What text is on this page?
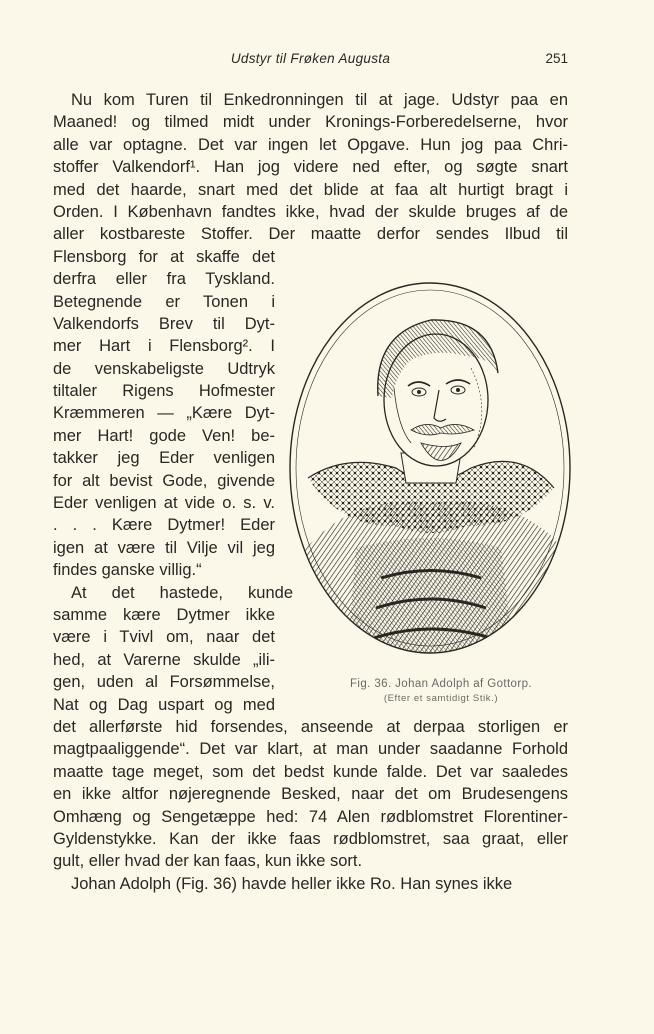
Udstyr til Frøken Augusta	251
Nu kom Turen til Enkedronningen til at jage. Udstyr paa en
Maaned! og tilmed midt under Kronings-Forberedelserne, hvor
alle var optagne. Det var ingen let Opgave. Hun jog paa Chri-
stoffer Valkendorf¹. Han jog videre ned efter, og søgte snart
med det haarde, snart med det blide at faa alt hurtigt bragt i
Orden. I København fandtes ikke, hvad der skulde bruges af de
aller kostbareste Stoffer. Der maatte derfor sendes Ilbud til
Flensborg for at skaffe det
derfra eller fra Tyskland.
Betegnende er Tonen i
Valkendorfs Brev til Dyt-
mer Hart i Flensborg². I
de venskabeligste Udtryk
tiltaler Rigens Hofmester
Kræmmeren — „Kære Dyt-
mer Hart! gode Ven! be-
takker jeg Eder venligen
for alt bevist Gode, givende
Eder venligen at vide o. s. v.
. . . Kære Dytmer! Eder
igen at være til Vilje vil jeg
findes ganske villig.“
At det hastede, kunde
samme kære Dytmer ikke
være i Tvivl om, naar det
hed, at Varerne skulde „ili-
gen, uden al Forsømmelse,
Nat og Dag uspart og med
det allerførste hid forsendes, anseende at derpaa storligen er
magtpaaliggende“. Det var klart, at man under saadanne Forhold
maatte tage meget, som det bedst kunde falde. Det var saaledes
en ikke altfor nøjeregnende Besked, naar det om Brudesengens
Omhæng og Sengetæppe hed: 74 Alen rødblomstret Florentiner-
Gyldenstykke. Kan der ikke faas rødblomstret, saa graat, eller
gult, eller hvad der kan faas, kun ikke sort.
Johan Adolph (Fig. 36) havde heller ikke Ro. Han synes ikke
Fig. 36. Johan Adolph af Gottorp.
(Efter et samtidigt Stik.)
